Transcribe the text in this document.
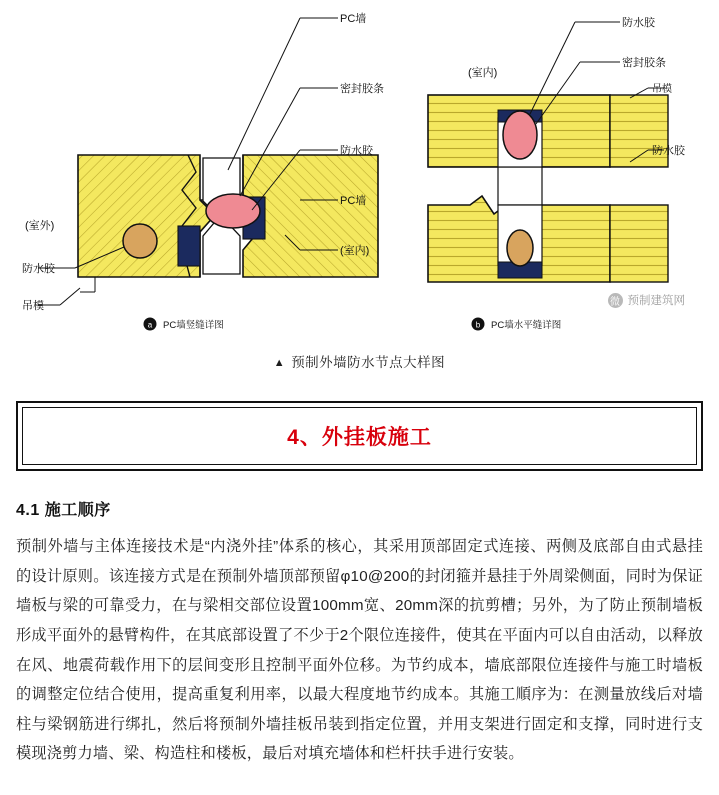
PC墙
密封胶条
防水胶
PC墙
(室内)
(室外)
防水胶
吊模
a PC墙竖缝详图
防水胶
密封胶条
(室内)
吊模
防水胶
b PC墙水平缝详图
微 预制建筑网
▲ 预制外墙防水节点大样图
4、外挂板施工
4.1 施工顺序
预制外墙与主体连接技术是“内浇外挂”体系的核心，其采用顶部固定式连接、两侧及底部自由式悬挂的设计原则。该连接方式是在预制外墙顶部预留φ10@200的封闭箍并悬挂于外周梁侧面，同时为保证墙板与梁的可靠受力，在与梁相交部位设置100mm宽、20mm深的抗剪槽；另外，为了防止预制墙板形成平面外的悬臂构件，在其底部设置了不少于2个限位连接件，使其在平面内可以自由活动，以释放在风、地震荷载作用下的层间变形且控制平面外位移。为节约成本，墙底部限位连接件与施工时墙板的调整定位结合使用，提高重复利用率，以最大程度地节约成本。其施工順序为：在测量放线后对墙柱与梁钢筋进行绑扎，然后将预制外墙挂板吊装到指定位置，并用支架进行固定和支撑，同时进行支模现浇剪力墙、梁、构造柱和楼板，最后对填充墙体和栏杆扶手进行安装。
